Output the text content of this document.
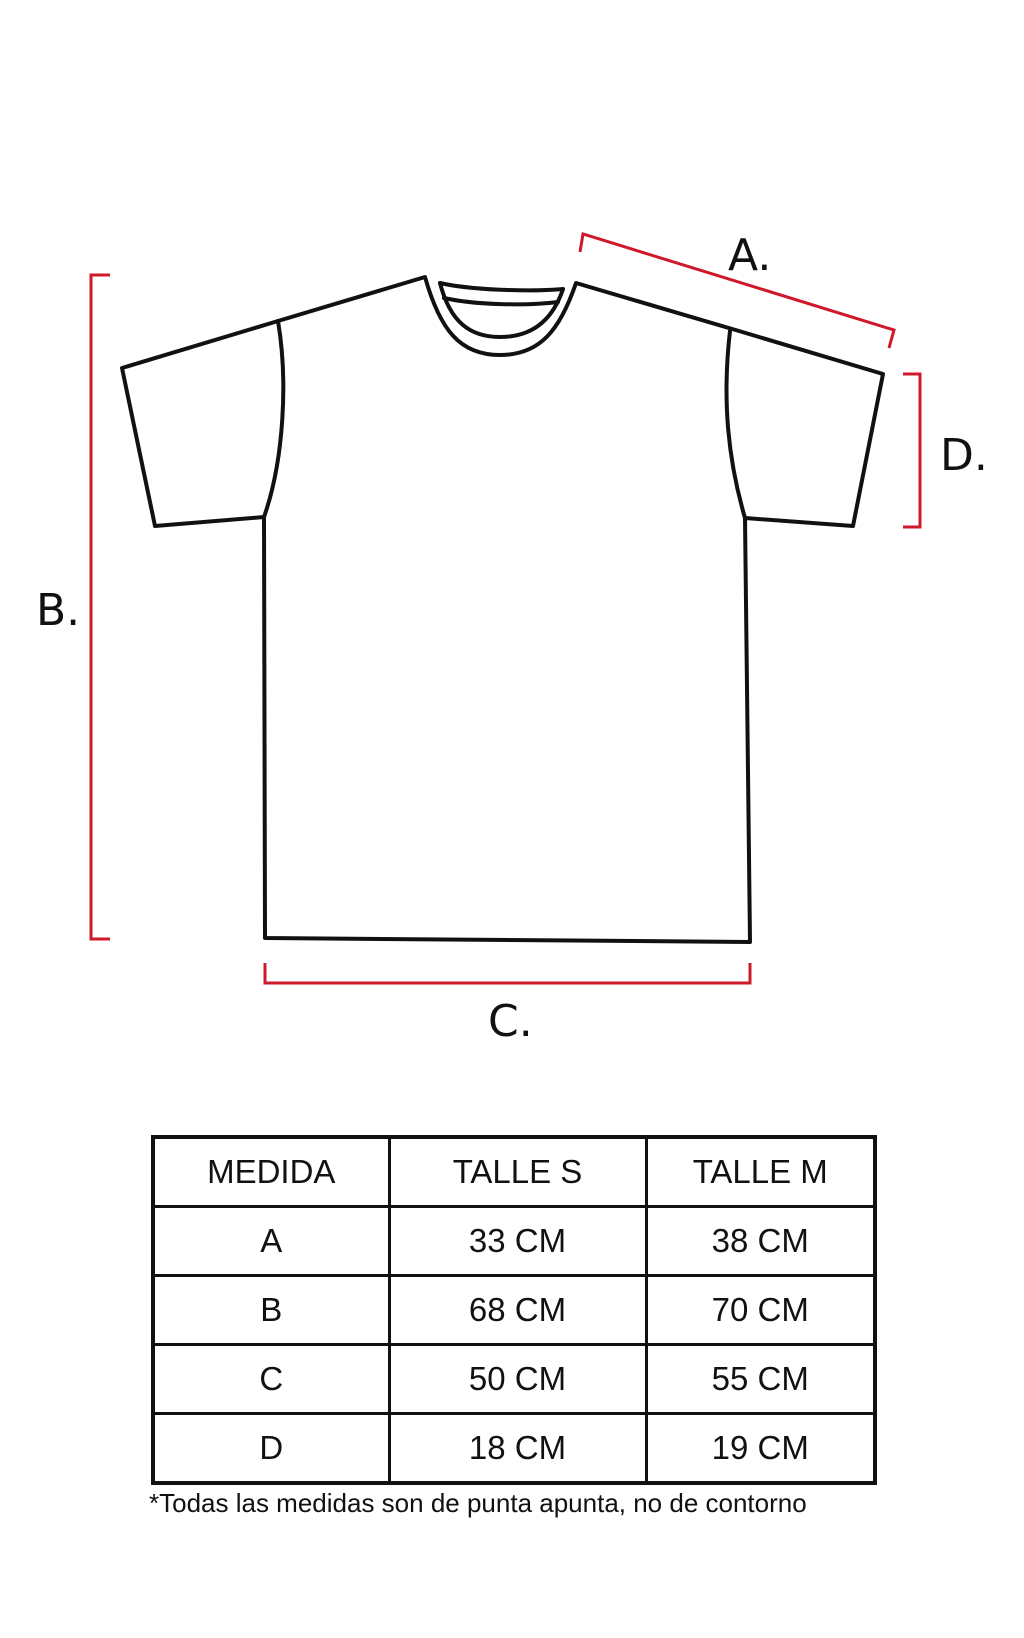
A.
B.
C.
D.
MEDIDA	TALLE S	TALLE M
A	33 CM	38 CM
B	68 CM	70 CM
C	50 CM	55 CM
D	18 CM	19 CM
*Todas las medidas son de punta apunta, no de contorno
